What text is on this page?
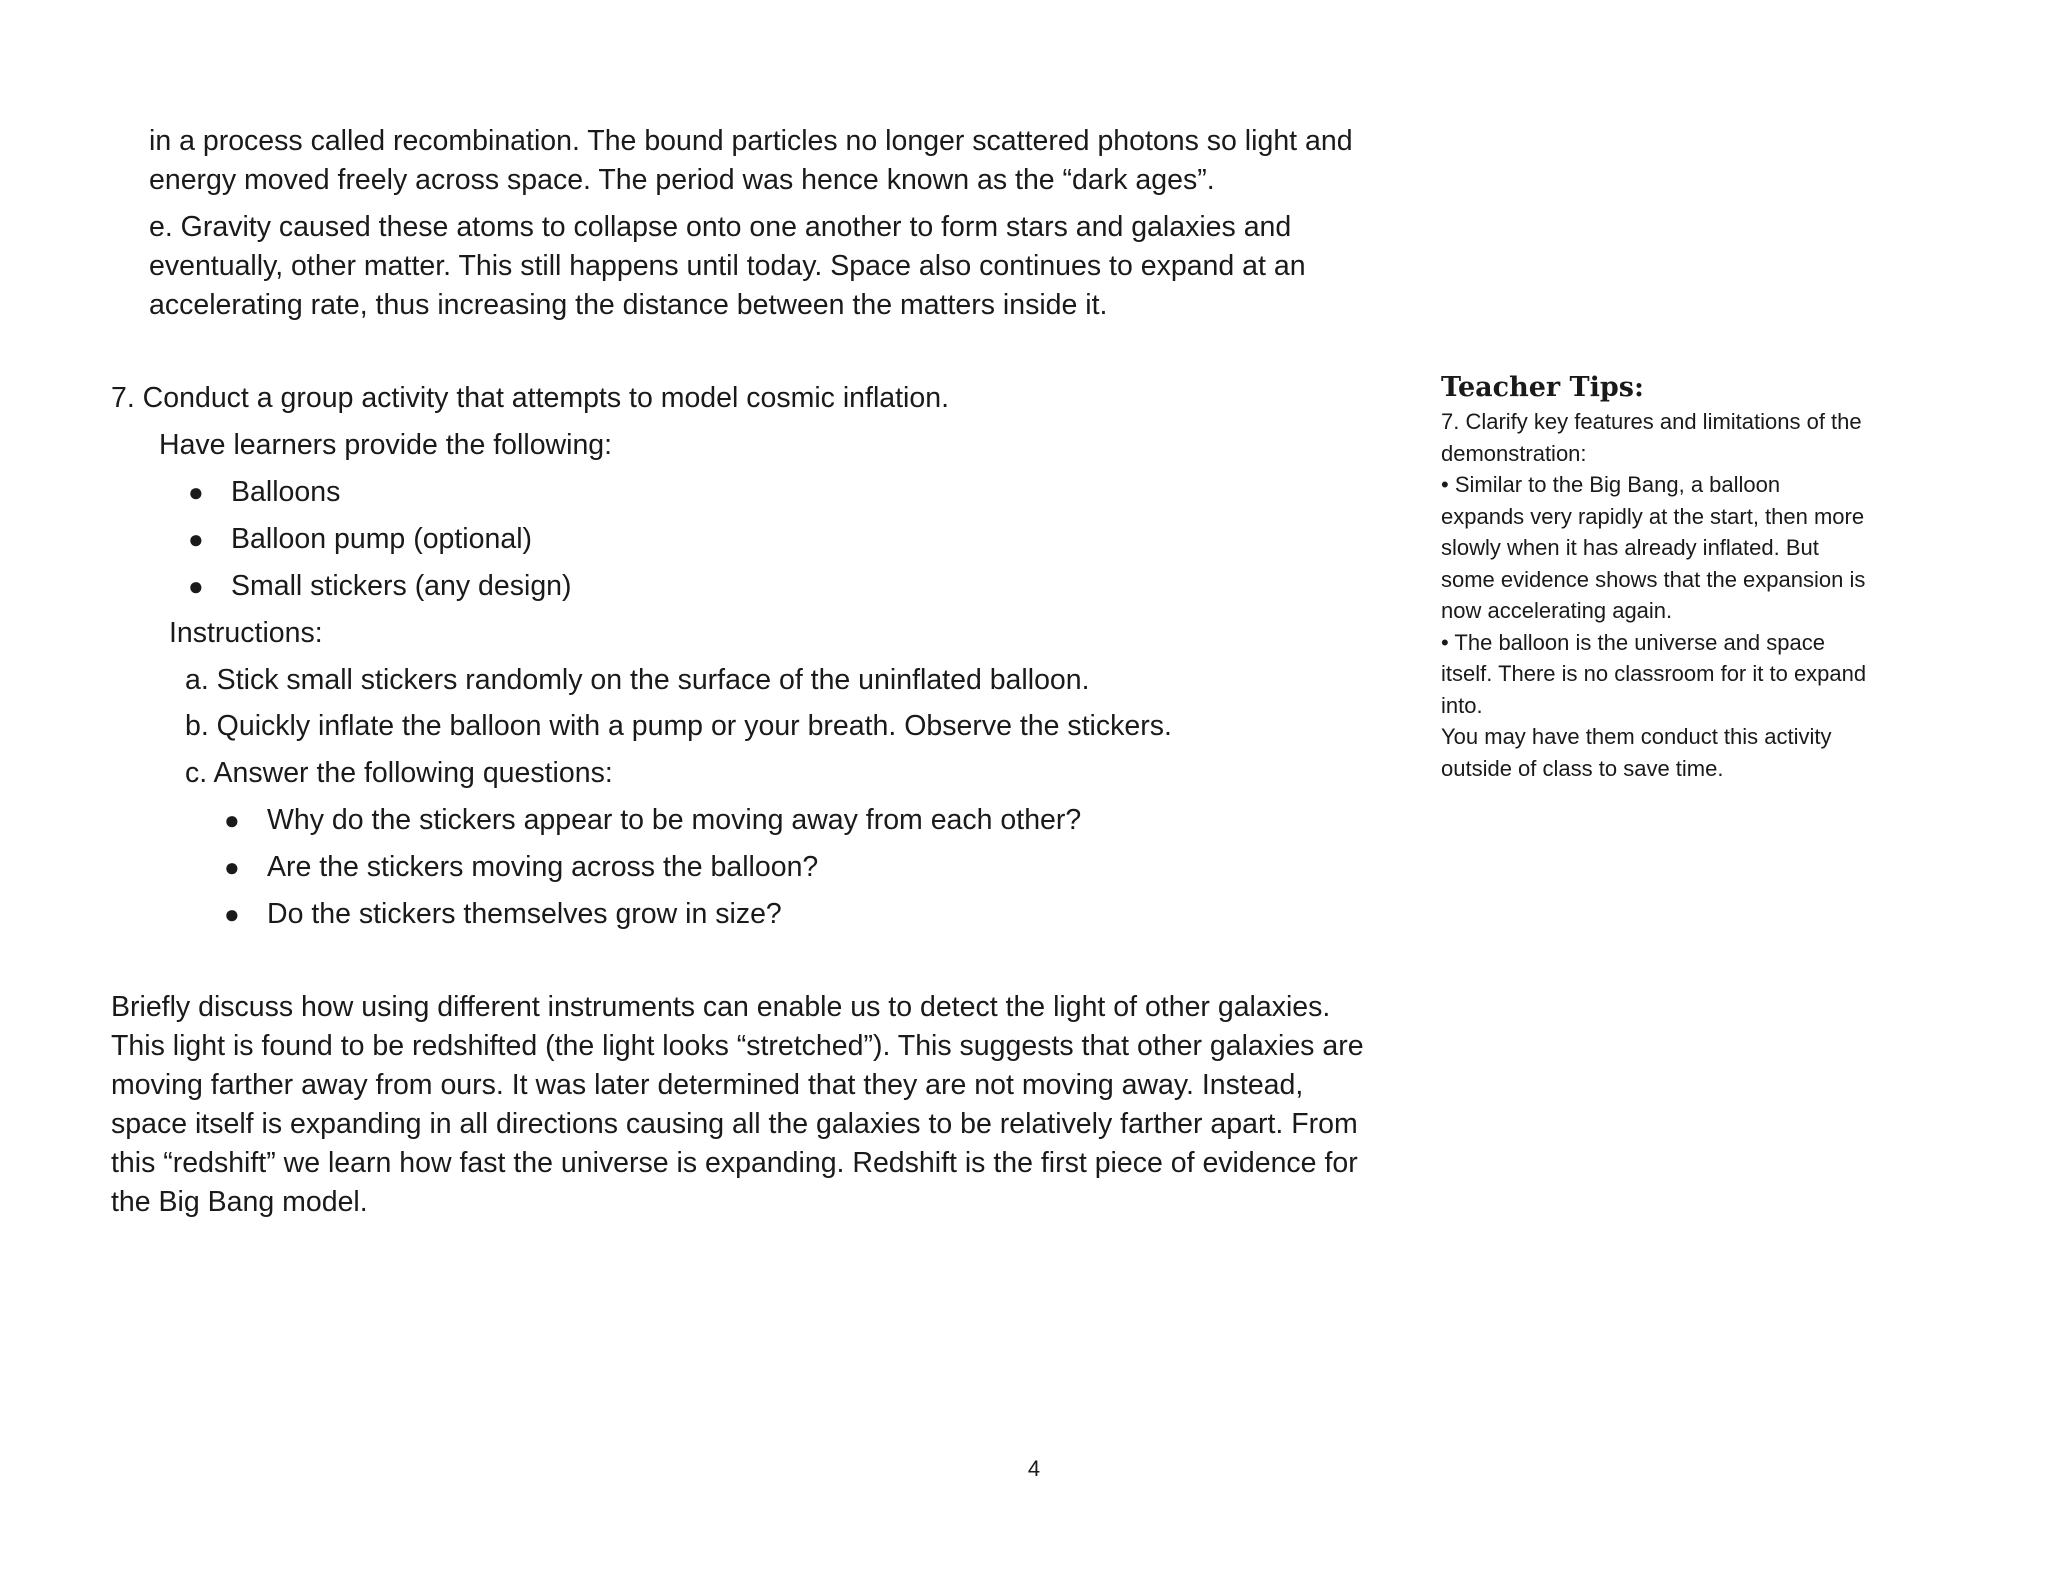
in a process called recombination. The bound particles no longer scattered photons so light and
energy moved freely across space. The period was hence known as the “dark ages”.
e. Gravity caused these atoms to collapse onto one another to form stars and galaxies and
eventually, other matter. This still happens until today. Space also continues to expand at an
accelerating rate, thus increasing the distance between the matters inside it.
7. Conduct a group activity that attempts to model cosmic inflation.
Have learners provide the following:
● Balloons
● Balloon pump (optional)
● Small stickers (any design)
Instructions:
a. Stick small stickers randomly on the surface of the uninflated balloon.
b. Quickly inflate the balloon with a pump or your breath. Observe the stickers.
c. Answer the following questions:
● Why do the stickers appear to be moving away from each other?
● Are the stickers moving across the balloon?
● Do the stickers themselves grow in size?
Briefly discuss how using different instruments can enable us to detect the light of other galaxies.
This light is found to be redshifted (the light looks “stretched”). This suggests that other galaxies are
moving farther away from ours. It was later determined that they are not moving away. Instead,
space itself is expanding in all directions causing all the galaxies to be relatively farther apart. From
this “redshift” we learn how fast the universe is expanding. Redshift is the first piece of evidence for
the Big Bang model.
Teacher Tips:
7. Clarify key features and limitations of the
demonstration:
• Similar to the Big Bang, a balloon
expands very rapidly at the start, then more
slowly when it has already inflated. But
some evidence shows that the expansion is
now accelerating again.
• The balloon is the universe and space
itself. There is no classroom for it to expand
into.
You may have them conduct this activity
outside of class to save time.
4
